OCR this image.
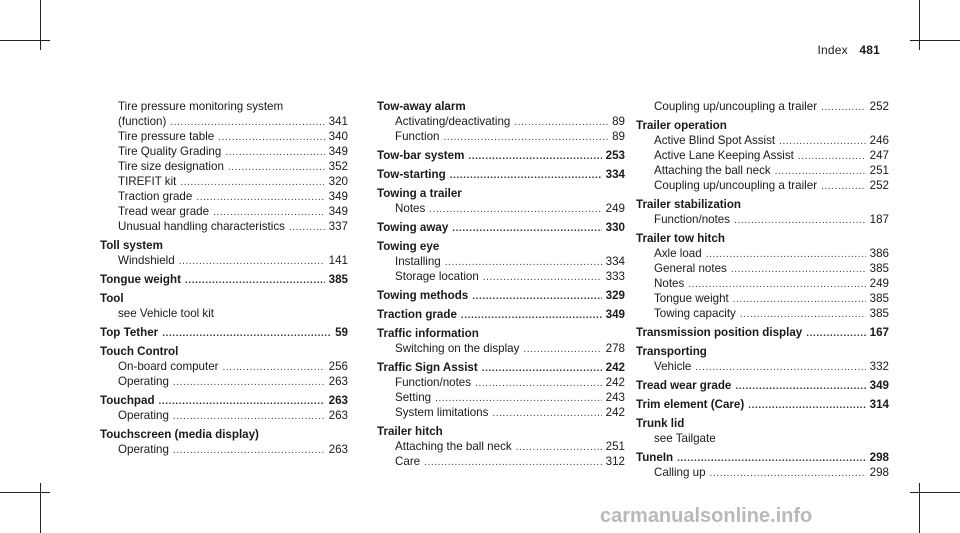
Index 481
Tire pressure monitoring system
(function) .....	341
Tire pressure table .....	340
Tire Quality Grading .....	349
Tire size designation .....	352
TIREFIT kit .....	320
Traction grade .....	349
Tread wear grade .....	349
Unusual handling characteristics .....	337
Toll system
Windshield .....	141
Tongue weight .....	385
Tool
see Vehicle tool kit
Top Tether .....	59
Touch Control
On-board computer .....	256
Operating .....	263
Touchpad .....	263
Operating .....	263
Touchscreen (media display)
Operating .....	263
Tow-away alarm
Activating/deactivating .....	89
Function .....	89
Tow-bar system .....	253
Tow-starting .....	334
Towing a trailer
Notes .....	249
Towing away .....	330
Towing eye
Installing .....	334
Storage location .....	333
Towing methods .....	329
Traction grade .....	349
Traffic information
Switching on the display .....	278
Traffic Sign Assist .....	242
Function/notes .....	242
Setting .....	243
System limitations .....	242
Trailer hitch
Attaching the ball neck .....	251
Care .....	312
Coupling up/uncoupling a trailer .....	252
Trailer operation
Active Blind Spot Assist .....	246
Active Lane Keeping Assist .....	247
Attaching the ball neck .....	251
Coupling up/uncoupling a trailer .....	252
Trailer stabilization
Function/notes .....	187
Trailer tow hitch
Axle load .....	386
General notes .....	385
Notes .....	249
Tongue weight .....	385
Towing capacity .....	385
Transmission position display .....	167
Transporting
Vehicle .....	332
Tread wear grade .....	349
Trim element (Care) .....	314
Trunk lid
see Tailgate
TuneIn .....	298
Calling up .....	298
carmanualsonline.info
